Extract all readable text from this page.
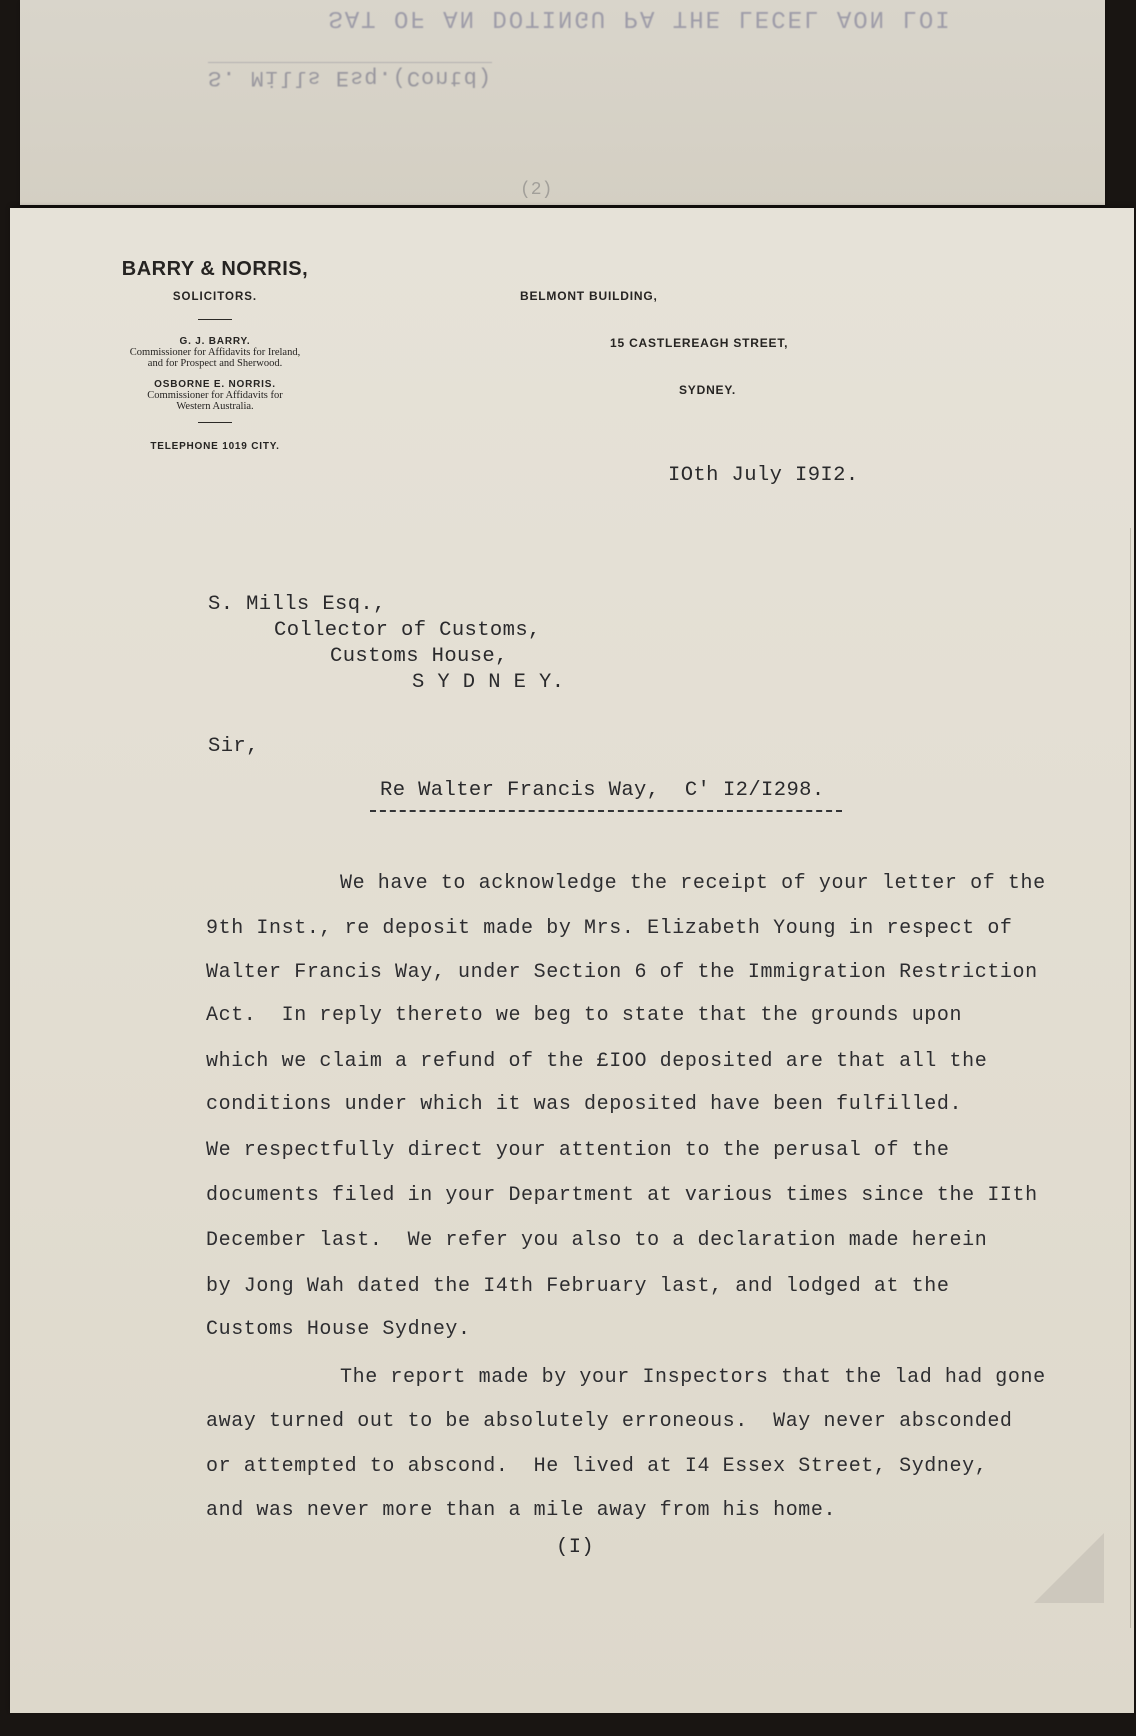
SAT OF AN DOTINGU PA THE LECEL AON LOI
S. Mills Esq.(Contd)
(2)
BARRY & NORRIS,
SOLICITORS.
G. J. BARRY.
Commissioner for Affidavits for Ireland,
and for Prospect and Sherwood.
OSBORNE E. NORRIS.
Commissioner for Affidavits for
Western Australia.
TELEPHONE 1019 CITY.
BELMONT BUILDING,
15 CASTLEREAGH STREET,
SYDNEY.
IOth July I9I2.
S. Mills Esq.,
Collector of Customs,
Customs House,
S Y D N E Y.
Sir,
Re Walter Francis Way,  C' I2/I298.
We have to acknowledge the receipt of your letter of the
9th Inst., re deposit made by Mrs. Elizabeth Young in respect of
Walter Francis Way, under Section 6 of the Immigration Restriction
Act.  In reply thereto we beg to state that the grounds upon
which we claim a refund of the £IOO deposited are that all the
conditions under which it was deposited have been fulfilled.
We respectfully direct your attention to the perusal of the
documents filed in your Department at various times since the IIth
December last.  We refer you also to a declaration made herein
by Jong Wah dated the I4th February last, and lodged at the
Customs House Sydney.
The report made by your Inspectors that the lad had gone
away turned out to be absolutely erroneous.  Way never absconded
or attempted to abscond.  He lived at I4 Essex Street, Sydney,
and was never more than a mile away from his home.
(I)
